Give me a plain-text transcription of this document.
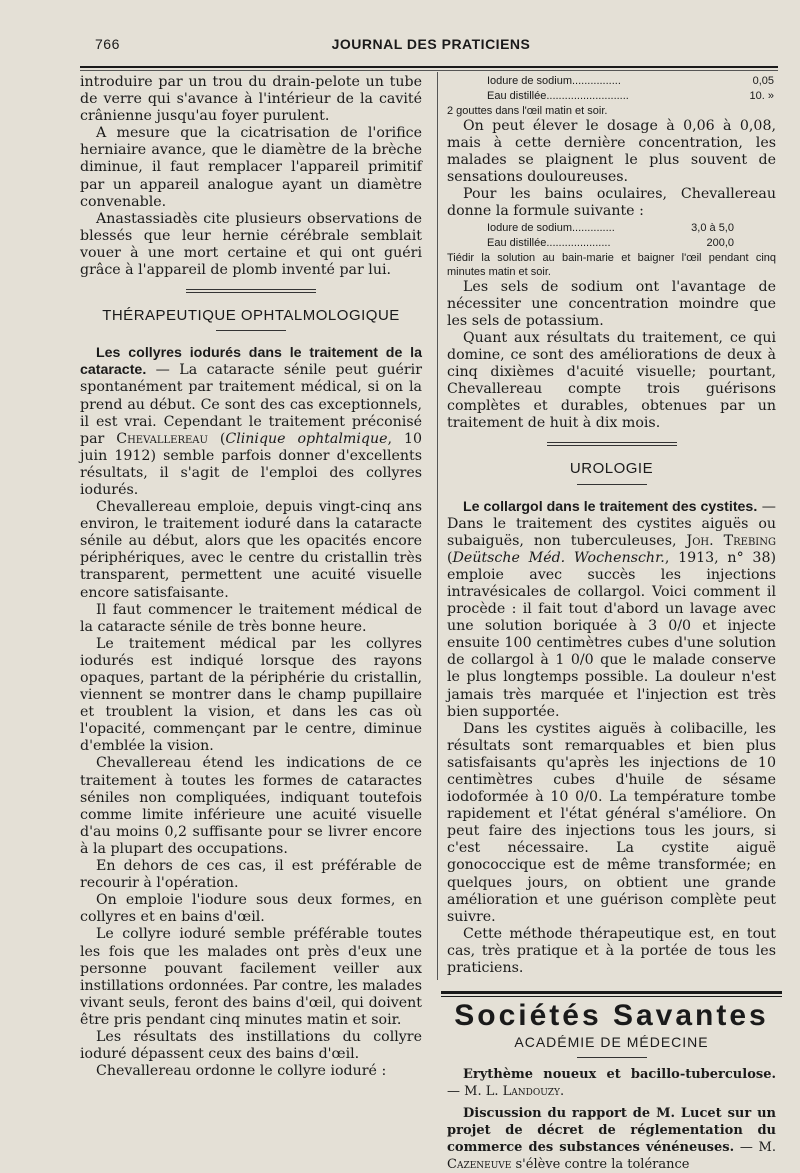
766	JOURNAL DES PRATICIENS

introduire par un trou du drain-pelote un tube de verre qui s'avance à l'intérieur de la cavité crânienne jusqu'au foyer purulent.

A mesure que la cicatrisation de l'orifice herniaire avance, que le diamètre de la brèche diminue, il faut remplacer l'appareil primitif par un appareil analogue ayant un diamètre convenable.

Anastassiadès cite plusieurs observations de blessés que leur hernie cérébrale semblait vouer à une mort certaine et qui ont guéri grâce à l'appareil de plomb inventé par lui.

THÉRAPEUTIQUE OPHTALMOLOGIQUE

Les collyres iodurés dans le traitement de la cataracte. — La cataracte sénile peut guérir spontanément par traitement médical, si on la prend au début. Ce sont des cas exceptionnels, il est vrai. Cependant le traitement préconisé par Chevallereau (Clinique ophtalmique, 10 juin 1912) semble parfois donner d'excellents résultats, il s'agit de l'emploi des collyres iodurés.

Chevallereau emploie, depuis vingt-cinq ans environ, le traitement ioduré dans la cataracte sénile au début, alors que les opacités encore périphériques, avec le centre du cristallin très transparent, permettent une acuité visuelle encore satisfaisante.

Il faut commencer le traitement médical de la cataracte sénile de très bonne heure.

Le traitement médical par les collyres iodurés est indiqué lorsque des rayons opaques, partant de la périphérie du cristallin, viennent se montrer dans le champ pupillaire et troublent la vision, et dans les cas où l'opacité, commençant par le centre, diminue d'emblée la vision.

Chevallereau étend les indications de ce traitement à toutes les formes de cataractes séniles non compliquées, indiquant toutefois comme limite inférieure une acuité visuelle d'au moins 0,2 suffisante pour se livrer encore à la plupart des occupations.

En dehors de ces cas, il est préférable de recourir à l'opération.

On emploie l'iodure sous deux formes, en collyres et en bains d'œil.

Le collyre ioduré semble préférable toutes les fois que les malades ont près d'eux une personne pouvant facilement veiller aux instillations ordonnées. Par contre, les malades vivant seuls, feront des bains d'œil, qui doivent être pris pendant cinq minutes matin et soir.

Les résultats des instillations du collyre ioduré dépassent ceux des bains d'œil.

Chevallereau ordonne le collyre ioduré :

Iodure de sodium................	0,05
Eau distillée...........................	10. »

2 gouttes dans l'œil matin et soir.

On peut élever le dosage à 0,06 à 0,08, mais à cette dernière concentration, les malades se plaignent le plus souvent de sensations douloureuses.

Pour les bains oculaires, Chevallereau donne la formule suivante :

Iodure de sodium..............	3,0 à 5,0
Eau distillée.....................	200,0

Tiédir la solution au bain-marie et baigner l'œil pendant cinq minutes matin et soir.

Les sels de sodium ont l'avantage de nécessiter une concentration moindre que les sels de potassium.

Quant aux résultats du traitement, ce qui domine, ce sont des améliorations de deux à cinq dixièmes d'acuité visuelle; pourtant, Chevallereau compte trois guérisons complètes et durables, obtenues par un traitement de huit à dix mois.

UROLOGIE

Le collargol dans le traitement des cystites. — Dans le traitement des cystites aiguës ou subaiguës, non tuberculeuses, Joh. Trebing (Deütsche Méd. Wochenschr., 1913, n° 38) emploie avec succès les injections intravésicales de collargol. Voici comment il procède : il fait tout d'abord un lavage avec une solution boriquée à 3 0/0 et injecte ensuite 100 centimètres cubes d'une solution de collargol à 1 0/0 que le malade conserve le plus longtemps possible. La douleur n'est jamais très marquée et l'injection est très bien supportée.

Dans les cystites aiguës à colibacille, les résultats sont remarquables et bien plus satisfaisants qu'après les injections de 10 centimètres cubes d'huile de sésame iodoformée à 10 0/0. La température tombe rapidement et l'état général s'améliore. On peut faire des injections tous les jours, si c'est nécessaire. La cystite aiguë gonococcique est de même transformée; en quelques jours, on obtient une grande amélioration et une guérison complète peut suivre.

Cette méthode thérapeutique est, en tout cas, très pratique et à la portée de tous les praticiens.

Sociétés Savantes
ACADÉMIE DE MÉDECINE

Erythème noueux et bacillo-tuberculose. — M. L. Landouzy.

Discussion du rapport de M. Lucet sur un projet de décret de réglementation du commerce des substances vénéneuses. — M. Cazeneuve s'élève contre la tolérance
